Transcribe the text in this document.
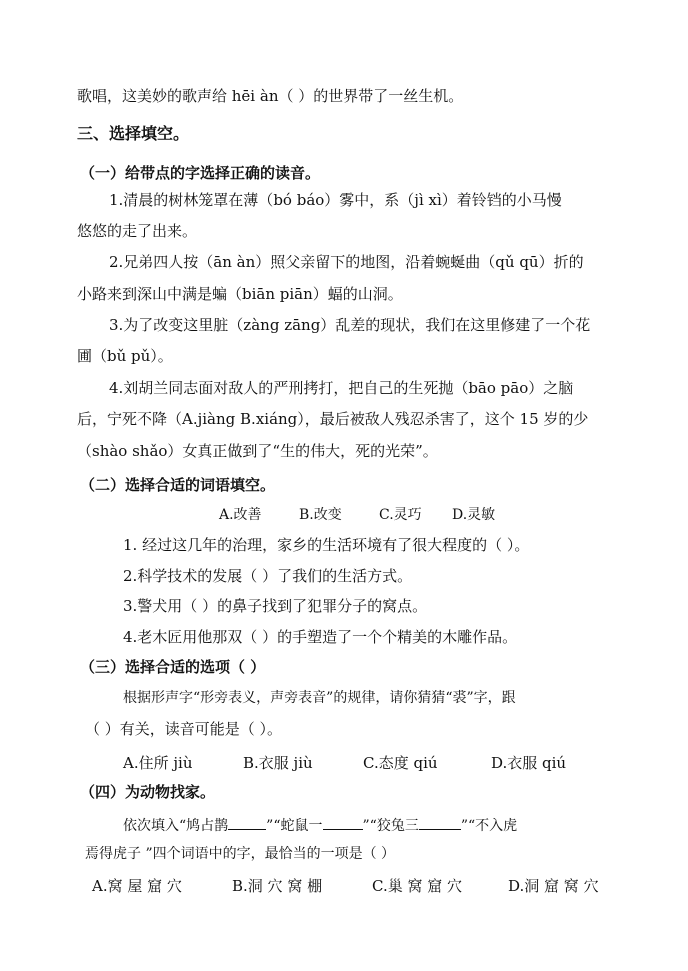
歌唱，这美妙的歌声给 hēi àn（ ）的世界带了一丝生机。
三、选择填空。
（一）给带点的字选择正确的读音。
1.清晨的树林笼罩在薄（bó báo）雾中，系（jì xì）着铃铛的小马慢
悠悠的走了出来。
2.兄弟四人按（ān àn）照父亲留下的地图，沿着蜿蜒曲（qǔ qū）折的
小路来到深山中满是蝙（biān piān）蝠的山洞。
3.为了改变这里脏（zàng zāng）乱差的现状，我们在这里修建了一个花
圃（bǔ pǔ）。
4.刘胡兰同志面对敌人的严刑拷打，把自己的生死抛（bāo pāo）之脑
后，宁死不降（A.jiàng B.xiáng），最后被敌人残忍杀害了，这个 15 岁的少
（shào shǎo）女真正做到了“生的伟大，死的光荣”。
（二）选择合适的词语填空。
A.改善	B.改变	C.灵巧 D.灵敏
1. 经过这几年的治理，家乡的生活环境有了很大程度的（ ）。
2.科学技术的发展（ ）了我们的生活方式。
3.警犬用（ ）的鼻子找到了犯罪分子的窝点。
4.老木匠用他那双（ ）的手塑造了一个个精美的木雕作品。
（三）选择合适的选项（ ）
根据形声字“形旁表义，声旁表音”的规律，请你猜猜“裘”字，跟
（ ）有关，读音可能是（ ）。
A.住所 jiù	B.衣服 jiù	C.态度 qiú	D.衣服 qiú
（四）为动物找家。
依次填入“鸠占鹊	”“蛇鼠一	”“狡兔三	”“不入虎
焉得虎子 ”四个词语中的字，最恰当的一项是（ ）
A.窝 屋 窟 穴	B.洞 穴 窝 棚	C.巢 窝 窟 穴	D.洞 窟 窝 穴
